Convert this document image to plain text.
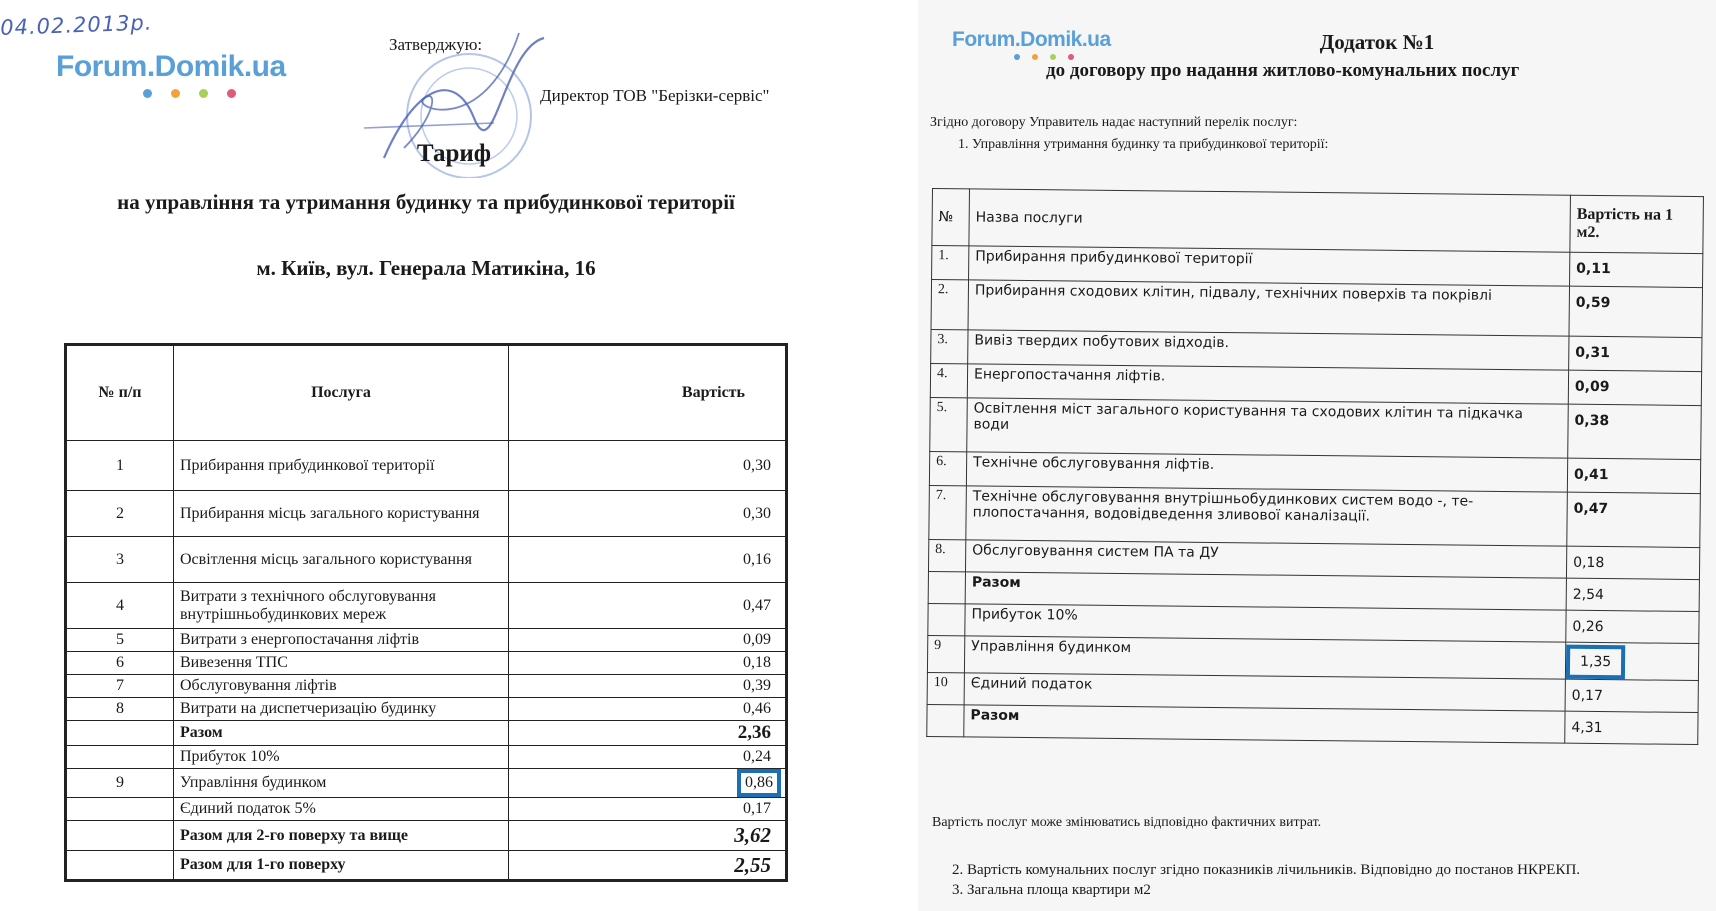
Forum.Domik.ua
Затверджую:
Директор ТОВ "Берізки-сервіс"
04.02.2013р.
Тариф
на управління та утримання будинку та прибудинкової території
м. Київ, вул. Генерала Матикіна, 16
№ п/п	Послуга	Вартість
1	Прибирання прибудинкової території	0,30
2	Прибирання місць загального користування	0,30
3	Освітлення місць загального користування	0,16
4	Витрати з технічного обслуговування внутрішньобудинкових мереж	0,47
5	Витрати з енергопостачання ліфтів	0,09
6	Вивезення ТПС	0,18
7	Обслуговування ліфтів	0,39
8	Витрати на диспетчеризацію будинку	0,46
	Разом	2,36
	Прибуток 10%	0,24
9	Управління будинком	0,86
	Єдиний податок 5%	0,17
	Разом для 2-го поверху та вище	3,62
	Разом для 1-го поверху	2,55
Forum.Domik.ua	Додаток №1
до договору про надання житлово-комунальних послуг
Згідно договору Управитель надає наступний перелік послуг:
1. Управління утримання будинку та прибудинкової території:
№	Назва послуги	Вартість на 1 м2.
1.	Прибирання прибудинкової території	0,11
2.	Прибирання сходових клітин, підвалу, технічних поверхів та покрівлі	0,59
3.	Вивіз твердих побутових відходів.	0,31
4.	Енергопостачання ліфтів.	0,09
5.	Освітлення міст загального користування та сходових клітин та підкачка води	0,38
6.	Технічне обслуговування ліфтів.	0,41
7.	Технічне обслуговування внутрішньобудинкових систем водо -, те-плопостачання, водовідведення зливової каналізації.	0,47
8.	Обслуговування систем ПА та ДУ	0,18
	Разом	2,54
	Прибуток 10%	0,26
9	Управління будинком	1,35
10	Єдиний податок	0,17
	Разом	4,31
Вартість послуг може змінюватись відповідно фактичних витрат.
2. Вартість комунальних послуг згідно показників лічильників. Відповідно до постанов НКРЕКП.
3. Загальна площа квартири м2
